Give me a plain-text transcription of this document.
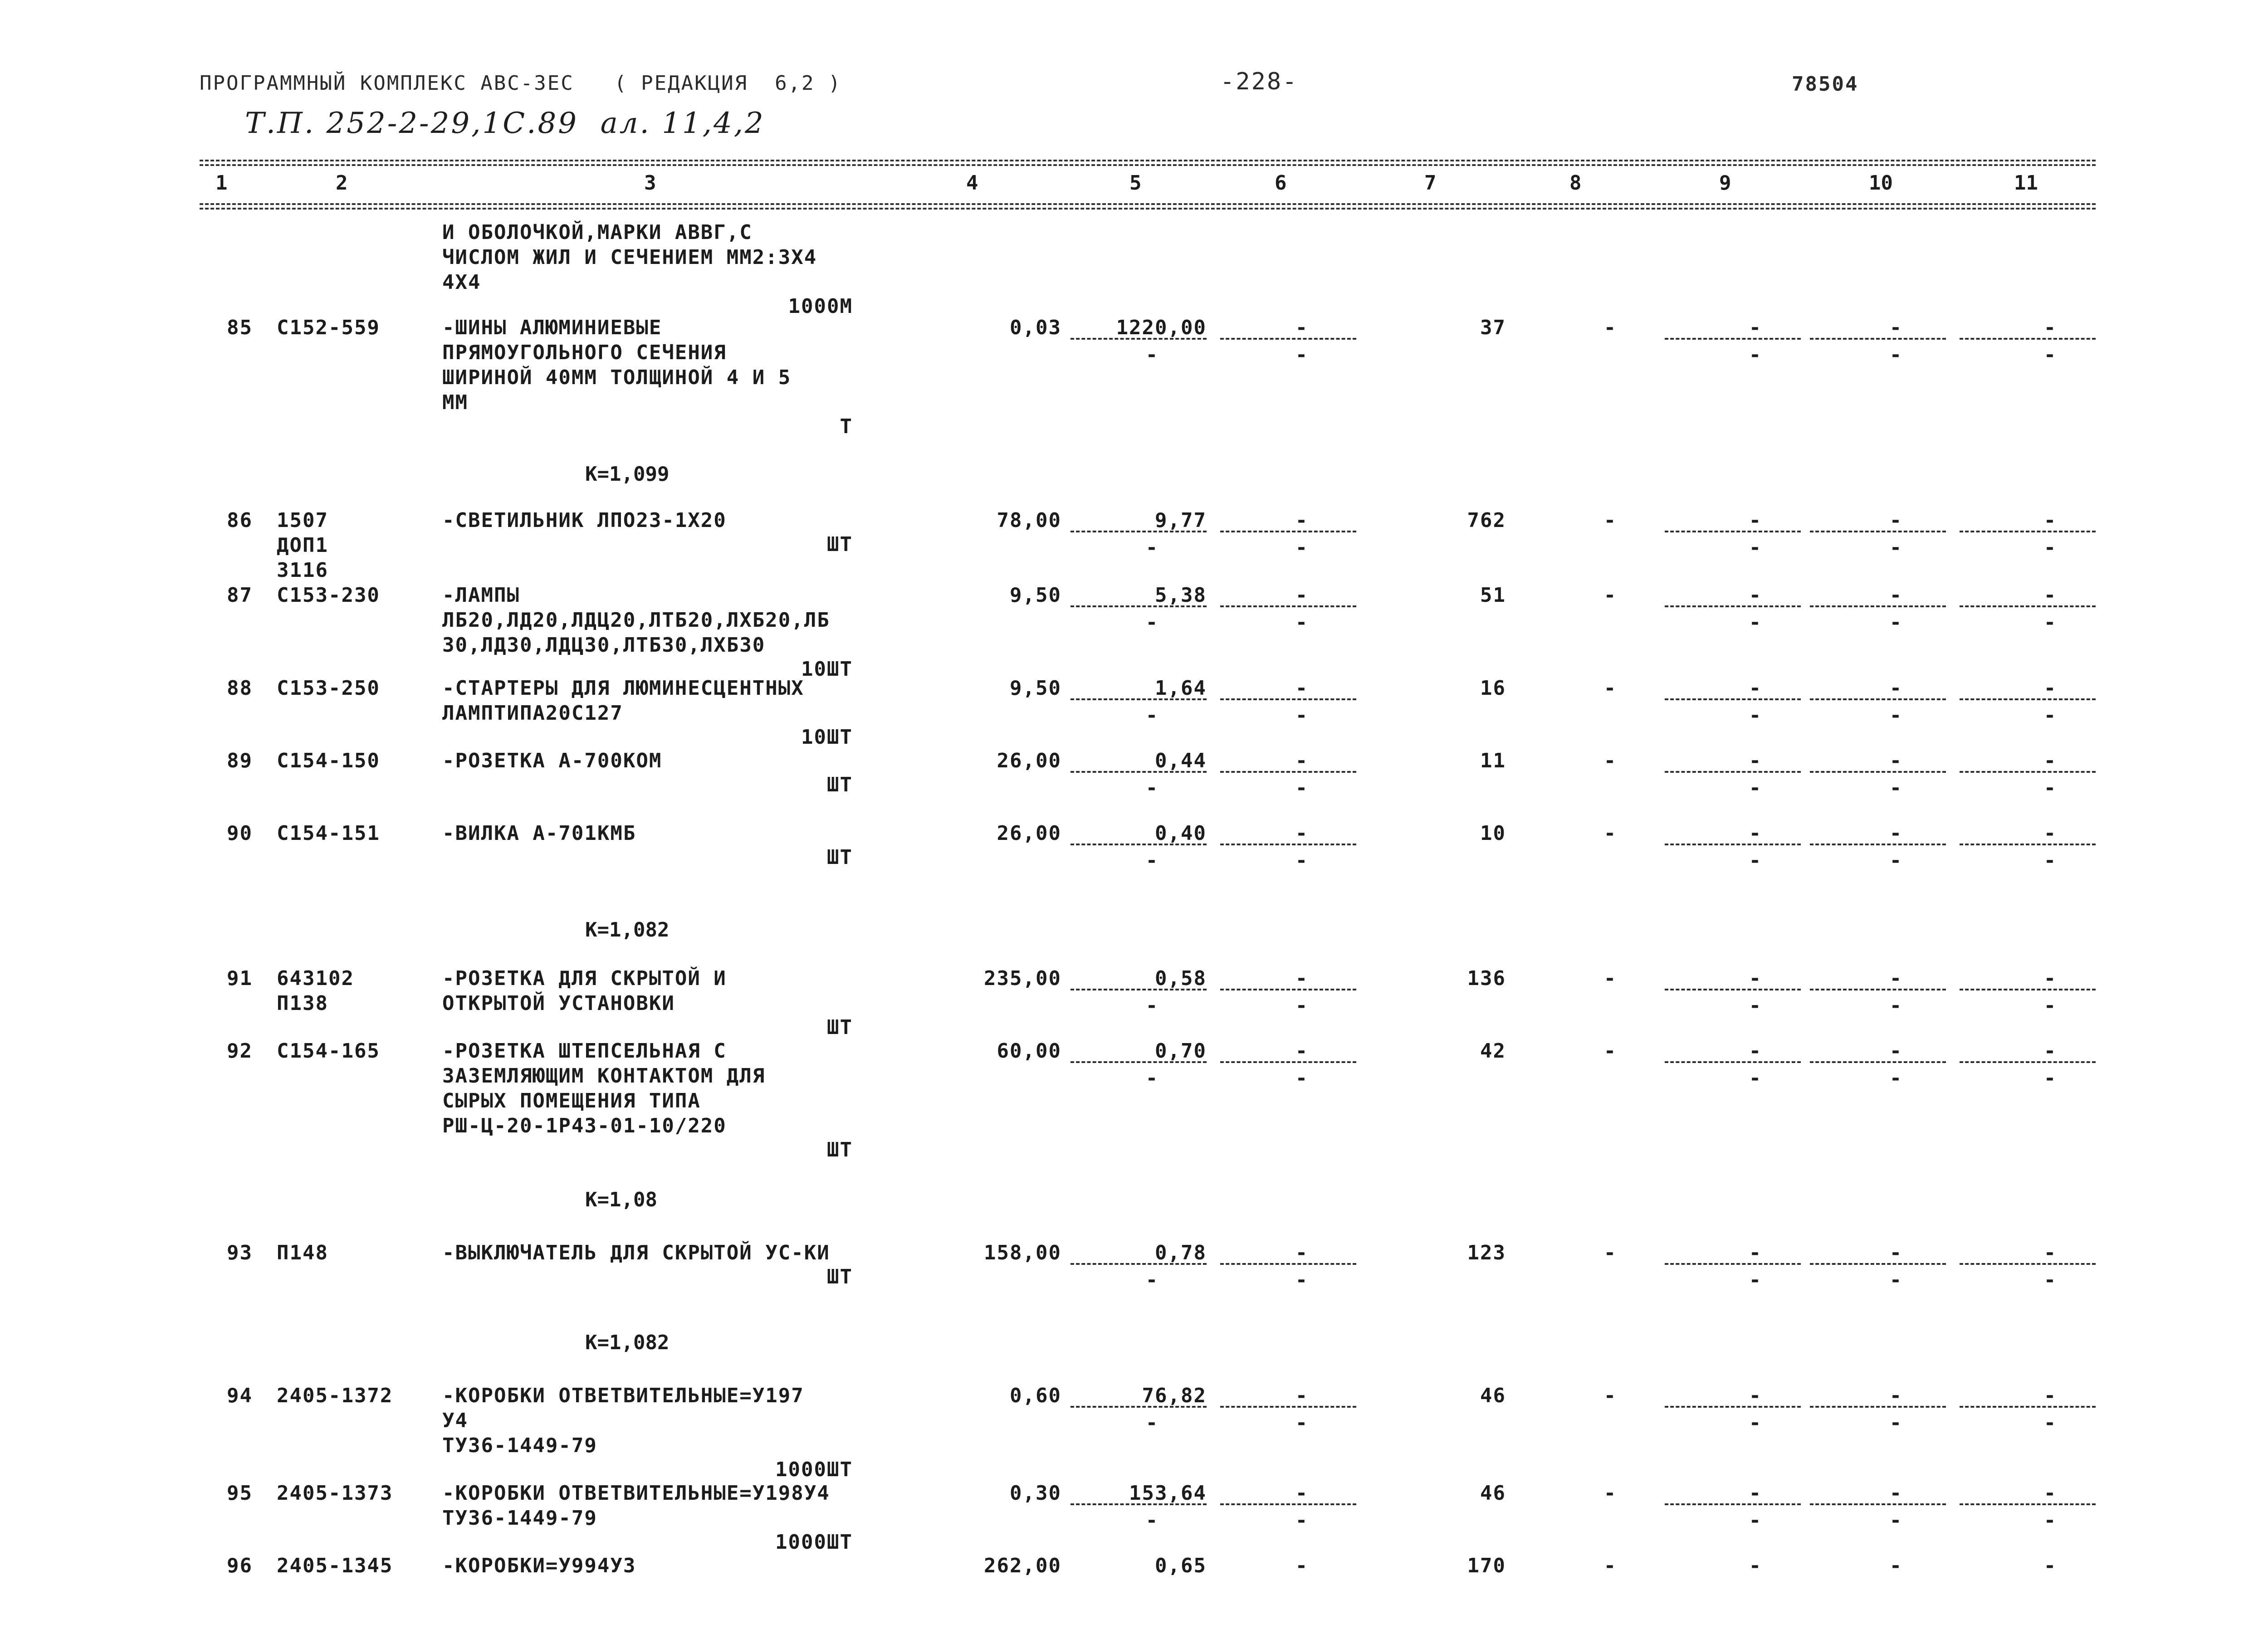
ПРОГРАММНЫЙ КОМПЛЕКС АВС-3ЕС   ( РЕДАКЦИЯ  6,2 )	-228-	78504
Т.П. 252-2-29,1С.89  ал. 11,4,2
1	2	3	4	5	6	7	8	9	10	11
И ОБОЛОЧКОЙ,МАРКИ АВВГ,С
ЧИСЛОМ ЖИЛ И СЕЧЕНИЕМ ММ2:3Х4
4Х4
1000М
85 С152-559	-ШИНЫ АЛЮМИНИЕВЫЕ
ПРЯМОУГОЛЬНОГО СЕЧЕНИЯ
ШИРИНОЙ 40ММ ТОЛЩИНОЙ 4 И 5
ММ
Т
0,03	1220,00	-	37	-	-	-	-
-	-	-	-	-
К=1,099
86 1507
ДОП1
3116
-СВЕТИЛЬНИК ЛПО23-1Х20
ШТ
78,00	9,77	-	762	-	-	-	-
-	-	-	-	-
87 С153-230	-ЛАМПЫ
ЛБ20,ЛД20,ЛДЦ20,ЛТБ20,ЛХБ20,ЛБ
30,ЛД30,ЛДЦ30,ЛТБ30,ЛХБ30
10ШТ
9,50	5,38	-	51	-	-	-	-
-	-	-	-	-
88 С153-250	-СТАРТЕРЫ ДЛЯ ЛЮМИНЕСЦЕНТНЫХ
ЛАМПТИПА20С127
10ШТ
9,50	1,64	-	16	-	-	-	-
-	-	-	-	-
89 С154-150	-РОЗЕТКА А-700КОМ
ШТ
26,00	0,44	-	11	-	-	-	-
-	-	-	-	-
90 С154-151	-ВИЛКА А-701КМБ
ШТ
26,00	0,40	-	10	-	-	-	-
-	-	-	-	-
К=1,082
91 643102
П138
-РОЗЕТКА ДЛЯ СКРЫТОЙ И
ОТКРЫТОЙ УСТАНОВКИ
ШТ
235,00	0,58	-	136	-	-	-	-
-	-	-	-	-
92 С154-165	-РОЗЕТКА ШТЕПСЕЛЬНАЯ С
ЗАЗЕМЛЯЮЩИМ КОНТАКТОМ ДЛЯ
СЫРЫХ ПОМЕЩЕНИЯ ТИПА
РШ-Ц-20-1Р43-01-10/220
ШТ
60,00	0,70	-	42	-	-	-	-
-	-	-	-	-
К=1,08
93 П148	-ВЫКЛЮЧАТЕЛЬ ДЛЯ СКРЫТОЙ УС-КИ
ШТ
158,00	0,78	-	123	-	-	-	-
-	-	-	-	-
К=1,082
94 2405-1372 -КОРОБКИ ОТВЕТВИТЕЛЬНЫЕ=У197
У4
ТУ36-1449-79
1000ШТ
0,60	76,82	-	46	-	-	-	-
-	-	-	-	-
95 2405-1373 -КОРОБКИ ОТВЕТВИТЕЛЬНЫЕ=У198У4
ТУ36-1449-79
1000ШТ
0,30	153,64	-	46	-	-	-	-
-	-	-	-	-
96 2405-1345 -КОРОБКИ=У994У3	262,00	0,65	-	170	-	-	-	-
